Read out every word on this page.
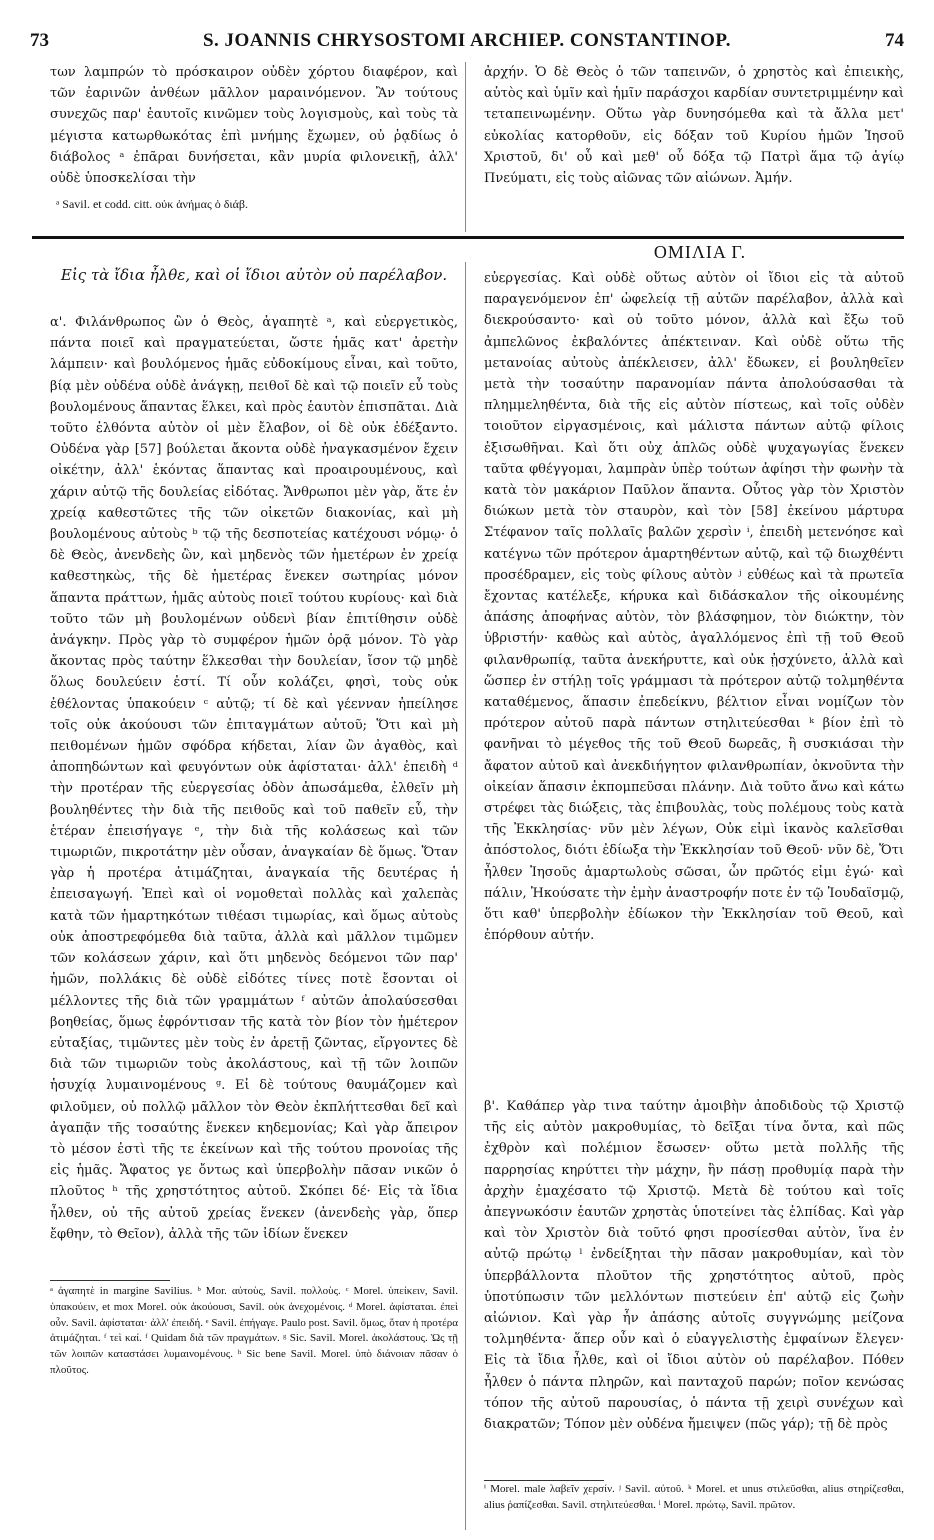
73	S. JOANNIS CHRYSOSTOMI ARCHIEP. CONSTANTINOP.	74

των λαμπρών τὸ πρόσκαιρον οὐδὲν χόρτου διαφέρον, καὶ τῶν ἐαρινῶν ἀνθέων μᾶλλον μαραινόμενον. Ἂν τούτους συνεχῶς παρ' ἑαυτοῖς κινῶμεν τοὺς λογισμοὺς, καὶ τοὺς τὰ μέγιστα κατωρθωκότας ἐπὶ μνήμης ἔχωμεν, οὐ ῥᾳδίως ὁ διάβολος ᵃ ἐπᾶραι δυνήσεται, κἂν μυρία φιλονεικῇ, ἀλλ' οὐδὲ ὑποσκελίσαι τὴν

ᵃ Savil. et codd. citt. οὐκ ἀνήμας ὁ διάβ.

ἀρχήν. Ὁ δὲ Θεὸς ὁ τῶν ταπεινῶν, ὁ χρηστὸς καὶ ἐπιεικὴς, αὐτὸς καὶ ὑμῖν καὶ ἡμῖν παράσχοι καρδίαν συντετριμμένην καὶ τεταπεινωμένην. Οὕτω γὰρ δυνησόμεθα καὶ τὰ ἄλλα μετ' εὐκολίας κατορθοῦν, εἰς δόξαν τοῦ Κυρίου ἡμῶν Ἰησοῦ Χριστοῦ, δι' οὗ καὶ μεθ' οὗ δόξα τῷ Πατρὶ ἅμα τῷ ἁγίῳ Πνεύματι, εἰς τοὺς αἰῶνας τῶν αἰώνων. Ἀμήν.

ΟΜΙΛΙΑ Γ.
Εἰς τὰ ἴδια ἦλθε, καὶ οἱ ἴδιοι αὐτὸν οὐ παρέλαβον.

α'. Φιλάνθρωπος ὢν ὁ Θεὸς, ἀγαπητὲ ᵃ, καὶ εὐεργετικὸς, πάντα ποιεῖ καὶ πραγματεύεται, ὥστε ἡμᾶς κατ' ἀρετὴν λάμπειν· καὶ βουλόμενος ἡμᾶς εὐδοκίμους εἶναι, καὶ τοῦτο, βίᾳ μὲν οὐδένα οὐδὲ ἀνάγκῃ, πειθοῖ δὲ καὶ τῷ ποιεῖν εὖ τοὺς βουλομένους ἅπαντας ἕλκει, καὶ πρὸς ἑαυτὸν ἐπισπᾶται. Διὰ τοῦτο ἐλθόντα αὐτὸν οἱ μὲν ἔλαβον, οἱ δὲ οὐκ ἐδέξαντο. Οὐδένα γὰρ [57] βούλεται ἄκοντα οὐδὲ ἠναγκασμένον ἔχειν οἰκέτην, ἀλλ' ἑκόντας ἅπαντας καὶ προαιρουμένους, καὶ χάριν αὐτῷ τῆς δουλείας εἰδότας. Ἄνθρωποι μὲν γὰρ, ἅτε ἐν χρείᾳ καθεστῶτες τῆς τῶν οἰκετῶν διακονίας, καὶ μὴ βουλομένους αὐτοὺς ᵇ τῷ τῆς δεσποτείας κατέχουσι νόμῳ· ὁ δὲ Θεὸς, ἀνενδεὴς ὢν, καὶ μηδενὸς τῶν ἡμετέρων ἐν χρείᾳ καθεστηκὼς, τῆς δὲ ἡμετέρας ἕνεκεν σωτηρίας μόνον ἅπαντα πράττων, ἡμᾶς αὐτοὺς ποιεῖ τούτου κυρίους· καὶ διὰ τοῦτο τῶν μὴ βουλομένων οὐδενὶ βίαν ἐπιτίθησιν οὐδὲ ἀνάγκην. Πρὸς γὰρ τὸ συμφέρον ἡμῶν ὁρᾷ μόνον. Τὸ γὰρ ἄκοντας πρὸς ταύτην ἕλκεσθαι τὴν δουλείαν, ἴσον τῷ μηδὲ ὅλως δουλεύειν ἐστί. Τί οὖν κολάζει, φησὶ, τοὺς οὐκ ἐθέλοντας ὑπακούειν ᶜ αὐτῷ; τί δὲ καὶ γέενναν ἠπείλησε τοῖς οὐκ ἀκούουσι τῶν ἐπιταγμάτων αὐτοῦ; Ὅτι καὶ μὴ πειθομένων ἡμῶν σφόδρα κήδεται, λίαν ὢν ἀγαθὸς, καὶ ἀποπηδώντων καὶ φευγόντων οὐκ ἀφίσταται· ἀλλ' ἐπειδὴ ᵈ τὴν προτέραν τῆς εὐεργεσίας ὁδὸν ἀπωσάμεθα, ἐλθεῖν μὴ βουληθέντες τὴν διὰ τῆς πειθοῦς καὶ τοῦ παθεῖν εὖ, τὴν ἑτέραν ἐπεισήγαγε ᵉ, τὴν διὰ τῆς κολάσεως καὶ τῶν τιμωριῶν, πικροτάτην μὲν οὖσαν, ἀναγκαίαν δὲ ὅμως. Ὅταν γὰρ ἡ προτέρα ἀτιμάζηται, ἀναγκαία τῆς δευτέρας ἡ ἐπεισαγωγή. Ἐπεὶ καὶ οἱ νομοθεταὶ πολλὰς καὶ χαλεπὰς κατὰ τῶν ἡμαρτηκότων τιθέασι τιμωρίας, καὶ ὅμως αὐτοὺς οὐκ ἀποστρεφόμεθα διὰ ταῦτα, ἀλλὰ καὶ μᾶλλον τιμῶμεν τῶν κολάσεων χάριν, καὶ ὅτι μηδενὸς δεόμενοι τῶν παρ' ἡμῶν, πολλάκις δὲ οὐδὲ εἰδότες τίνες ποτὲ ἔσονται οἱ μέλλοντες τῆς διὰ τῶν γραμμάτων ᶠ αὐτῶν ἀπολαύσεσθαι βοηθείας, ὅμως ἐφρόντισαν τῆς κατὰ τὸν βίον τὸν ἡμέτερον εὐταξίας, τιμῶντες μὲν τοὺς ἐν ἀρετῇ ζῶντας, εἴργοντες δὲ διὰ τῶν τιμωριῶν τοὺς ἀκολάστους, καὶ τῇ τῶν λοιπῶν ἡσυχίᾳ λυμαινομένους ᵍ. Εἰ δὲ τούτους θαυμάζομεν καὶ φιλοῦμεν, οὐ πολλῷ μᾶλλον τὸν Θεὸν ἐκπλήττεσθαι δεῖ καὶ ἀγαπᾷν τῆς τοσαύτης ἕνεκεν κηδεμονίας; Καὶ γὰρ ἄπειρον τὸ μέσον ἐστὶ τῆς τε ἐκείνων καὶ τῆς τούτου προνοίας τῆς εἰς ἡμᾶς. Ἄφατος γε ὄντως καὶ ὑπερβολὴν πᾶσαν νικῶν ὁ πλοῦτος ʰ τῆς χρηστότητος αὐτοῦ. Σκόπει δέ· Εἰς τὰ ἴδια ἦλθεν, οὐ τῆς αὐτοῦ χρείας ἕνεκεν (ἀνενδεὴς γὰρ, ὅπερ ἔφθην, τὸ Θεῖον), ἀλλὰ τῆς τῶν ἰδίων ἕνεκεν

ᵃ ἀγαπητὲ in margine Savilius. ᵇ Mor. αὐτοὺς, Savil. πολλοὺς. ᶜ Morel. ὑπείκειν, Savil. ὑπακούειν, et mox Morel. οὐκ ἀκούουσι, Savil. οὐκ ἀνεχομένοις. ᵈ Morel. ἀφίσταται. ἐπεὶ οὖν. Savil. ἀφίσταται· ἀλλ' ἐπειδή. ᵉ Savil. ἐπήγαγε. Paulo post. Savil. ὅμως, ὅταν ἡ προτέρα ἀτιμάζηται. ᶠ τεὶ καί. ᶠ Quidam διὰ τῶν πραγμάτων. ᵍ Sic. Savil. Morel. ἀκολάστους. Ὡς τῇ τῶν λοιπῶν καταστάσει λυμαινομένους. ʰ Sic bene Savil. Morel. ὑπὸ διάνοιαν πᾶσαν ὁ πλοῦτος.

εὐεργεσίας. Καὶ οὐδὲ οὕτως αὐτὸν οἱ ἴδιοι εἰς τὰ αὐτοῦ παραγενόμενον ἐπ' ὠφελείᾳ τῇ αὐτῶν παρέλαβον, ἀλλὰ καὶ διεκρούσαντο· καὶ οὐ τοῦτο μόνον, ἀλλὰ καὶ ἔξω τοῦ ἀμπελῶνος ἐκβαλόντες ἀπέκτειναν. Καὶ οὐδὲ οὕτω τῆς μετανοίας αὐτοὺς ἀπέκλεισεν, ἀλλ' ἔδωκεν, εἰ βουληθεῖεν μετὰ τὴν τοσαύτην παρανομίαν πάντα ἀπολούσασθαι τὰ πλημμεληθέντα, διὰ τῆς εἰς αὐτὸν πίστεως, καὶ τοῖς οὐδὲν τοιοῦτον εἰργασμένοις, καὶ μάλιστα πάντων αὐτῷ φίλοις ἐξισωθῆναι. Καὶ ὅτι οὐχ ἁπλῶς οὐδὲ ψυχαγωγίας ἕνεκεν ταῦτα φθέγγομαι, λαμπρὰν ὑπὲρ τούτων ἀφίησι τὴν φωνὴν τὰ κατὰ τὸν μακάριον Παῦλον ἅπαντα. Οὗτος γὰρ τὸν Χριστὸν διώκων μετὰ τὸν σταυρὸν, καὶ τὸν [58] ἐκείνου μάρτυρα Στέφανον ταῖς πολλαῖς βαλῶν χερσὶν ⁱ, ἐπειδὴ μετενόησε καὶ κατέγνω τῶν πρότερον ἁμαρτηθέντων αὐτῷ, καὶ τῷ διωχθέντι προσέδραμεν, εἰς τοὺς φίλους αὐτὸν ʲ εὐθέως καὶ τὰ πρωτεῖα ἔχοντας κατέλεξε, κήρυκα καὶ διδάσκαλον τῆς οἰκουμένης ἁπάσης ἀποφήνας αὐτὸν, τὸν βλάσφημον, τὸν διώκτην, τὸν ὑβριστήν· καθὼς καὶ αὐτὸς, ἀγαλλόμενος ἐπὶ τῇ τοῦ Θεοῦ φιλανθρωπίᾳ, ταῦτα ἀνεκήρυττε, καὶ οὐκ ᾐσχύνετο, ἀλλὰ καὶ ὥσπερ ἐν στήλῃ τοῖς γράμμασι τὰ πρότερον αὐτῷ τολμηθέντα καταθέμενος, ἅπασιν ἐπεδείκνυ, βέλτιον εἶναι νομίζων τὸν πρότερον αὐτοῦ παρὰ πάντων στηλιτεύεσθαι ᵏ βίον ἐπὶ τὸ φανῆναι τὸ μέγεθος τῆς τοῦ Θεοῦ δωρεᾶς, ἢ συσκιάσαι τὴν ἄφατον αὐτοῦ καὶ ἀνεκδιήγητον φιλανθρωπίαν, ὀκνοῦντα τὴν οἰκείαν ἅπασιν ἐκπομπεῦσαι πλάνην. Διὰ τοῦτο ἄνω καὶ κάτω στρέφει τὰς διώξεις, τὰς ἐπιβουλὰς, τοὺς πολέμους τοὺς κατὰ τῆς Ἐκκλησίας· νῦν μὲν λέγων, Οὐκ εἰμὶ ἱκανὸς καλεῖσθαι ἀπόστολος, διότι ἐδίωξα τὴν Ἐκκλησίαν τοῦ Θεοῦ· νῦν δὲ, Ὅτι ἦλθεν Ἰησοῦς ἁμαρτωλοὺς σῶσαι, ὧν πρῶτός εἰμι ἐγώ· καὶ πάλιν, Ἠκούσατε τὴν ἐμὴν ἀναστροφήν ποτε ἐν τῷ Ἰουδαϊσμῷ, ὅτι καθ' ὑπερβολὴν ἐδίωκον τὴν Ἐκκλησίαν τοῦ Θεοῦ, καὶ ἐπόρθουν αὐτήν.

β'. Καθάπερ γὰρ τινα ταύτην ἀμοιβὴν ἀποδιδοὺς τῷ Χριστῷ τῆς εἰς αὐτὸν μακροθυμίας, τὸ δεῖξαι τίνα ὄντα, καὶ πῶς ἐχθρὸν καὶ πολέμιον ἔσωσεν· οὕτω μετὰ πολλῆς τῆς παρρησίας κηρύττει τὴν μάχην, ἣν πάσῃ προθυμίᾳ παρὰ τὴν ἀρχὴν ἐμαχέσατο τῷ Χριστῷ. Μετὰ δὲ τούτου καὶ τοῖς ἀπεγνωκόσιν ἑαυτῶν χρηστὰς ὑποτείνει τὰς ἐλπίδας. Καὶ γὰρ καὶ τὸν Χριστὸν διὰ τοῦτό φησι προσίεσθαι αὐτὸν, ἵνα ἐν αὐτῷ πρώτῳ ˡ ἐνδείξηται τὴν πᾶσαν μακροθυμίαν, καὶ τὸν ὑπερβάλλοντα πλοῦτον τῆς χρηστότητος αὐτοῦ, πρὸς ὑποτύπωσιν τῶν μελλόντων πιστεύειν ἐπ' αὐτῷ εἰς ζωὴν αἰώνιον. Καὶ γὰρ ἦν ἁπάσης αὐτοῖς συγγνώμης μείζονα τολμηθέντα· ἅπερ οὖν καὶ ὁ εὐαγγελιστὴς ἐμφαίνων ἔλεγεν· Εἰς τὰ ἴδια ἦλθε, καὶ οἱ ἴδιοι αὐτὸν οὐ παρέλαβον. Πόθεν ἦλθεν ὁ πάντα πληρῶν, καὶ πανταχοῦ παρών; ποῖον κενώσας τόπον τῆς αὐτοῦ παρουσίας, ὁ πάντα τῇ χειρὶ συνέχων καὶ διακρατῶν; Τόπον μὲν οὐδένα ἤμειψεν (πῶς γάρ); τῇ δὲ πρὸς

ⁱ Morel. male λαβεῖν χερσίν. ʲ Savil. αὐτοῦ. ᵏ Morel. et unus στιλεῦσθαι, alius στηρίζεσθαι, alius ῥαπίζεσθαι. Savil. στηλιτεύεσθαι. ˡ Morel. πρώτῳ, Savil. πρῶτον.
